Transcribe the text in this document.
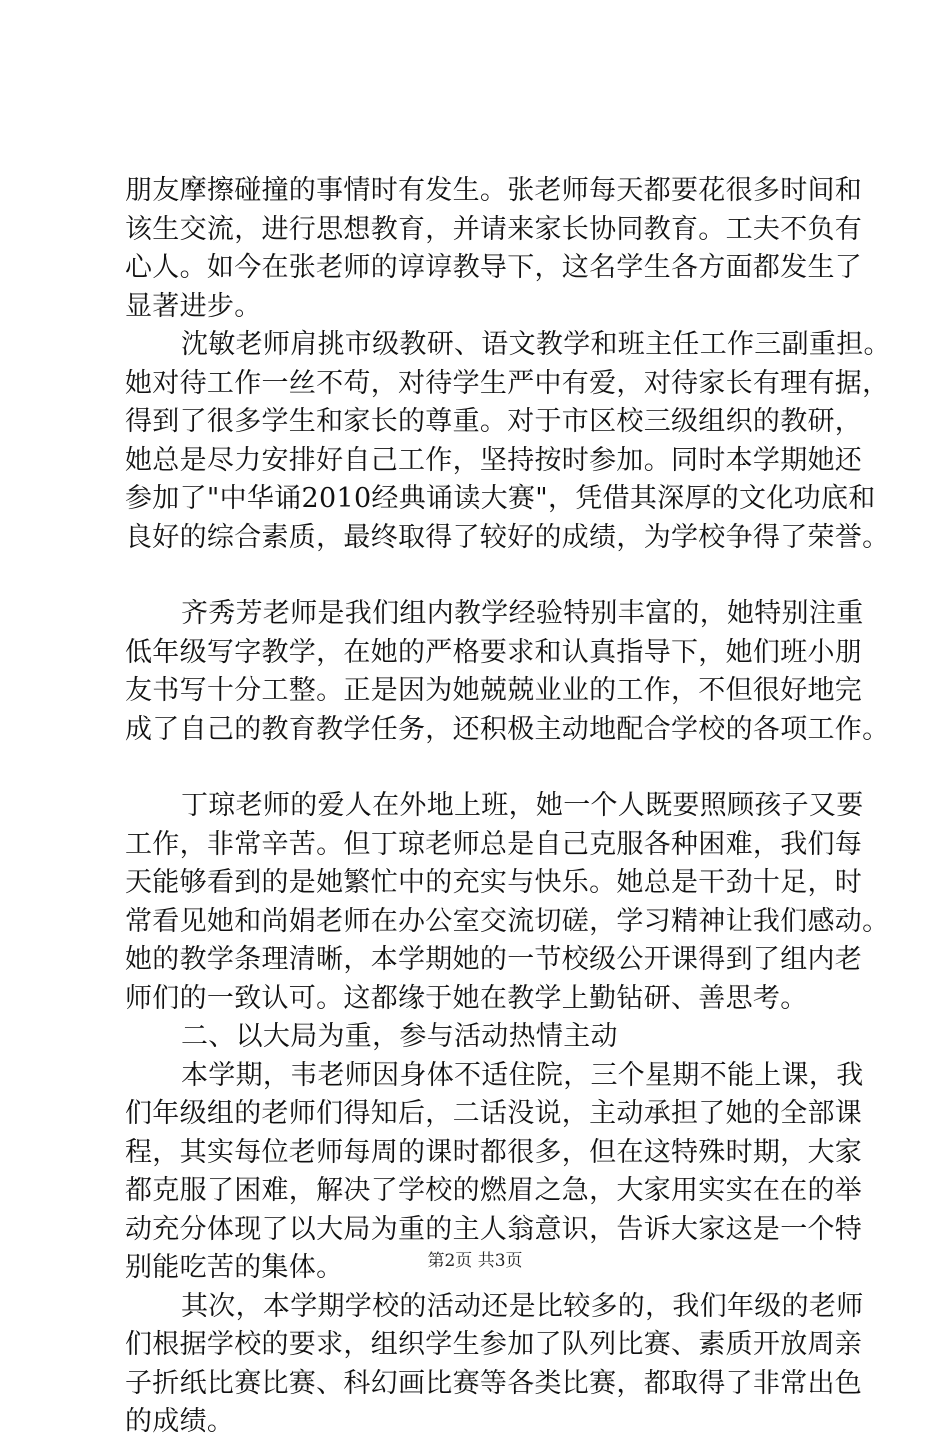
朋友摩擦碰撞的事情时有发生。张老师每天都要花很多时间和
该生交流，进行思想教育，并请来家长协同教育。工夫不负有
心人。如今在张老师的谆谆教导下，这名学生各方面都发生了
显著进步。
沈敏老师肩挑市级教研、语文教学和班主任工作三副重担。
她对待工作一丝不苟，对待学生严中有爱，对待家长有理有据，
得到了很多学生和家长的尊重。对于市区校三级组织的教研，
她总是尽力安排好自己工作，坚持按时参加。同时本学期她还
参加了"中华诵2010经典诵读大赛"，凭借其深厚的文化功底和
良好的综合素质，最终取得了较好的成绩，为学校争得了荣誉。
齐秀芳老师是我们组内教学经验特别丰富的，她特别注重
低年级写字教学，在她的严格要求和认真指导下，她们班小朋
友书写十分工整。正是因为她兢兢业业的工作，不但很好地完
成了自己的教育教学任务，还积极主动地配合学校的各项工作。
丁琼老师的爱人在外地上班，她一个人既要照顾孩子又要
工作，非常辛苦。但丁琼老师总是自己克服各种困难，我们每
天能够看到的是她繁忙中的充实与快乐。她总是干劲十足，时
常看见她和尚娟老师在办公室交流切磋，学习精神让我们感动。
她的教学条理清晰，本学期她的一节校级公开课得到了组内老
师们的一致认可。这都缘于她在教学上勤钻研、善思考。
二、以大局为重，参与活动热情主动
本学期，韦老师因身体不适住院，三个星期不能上课，我
们年级组的老师们得知后，二话没说，主动承担了她的全部课
程，其实每位老师每周的课时都很多，但在这特殊时期，大家
都克服了困难，解决了学校的燃眉之急，大家用实实在在的举
动充分体现了以大局为重的主人翁意识，告诉大家这是一个特
别能吃苦的集体。
其次，本学期学校的活动还是比较多的，我们年级的老师
们根据学校的要求，组织学生参加了队列比赛、素质开放周亲
子折纸比赛比赛、科幻画比赛等各类比赛，都取得了非常出色
的成绩。
第2页 共3页
